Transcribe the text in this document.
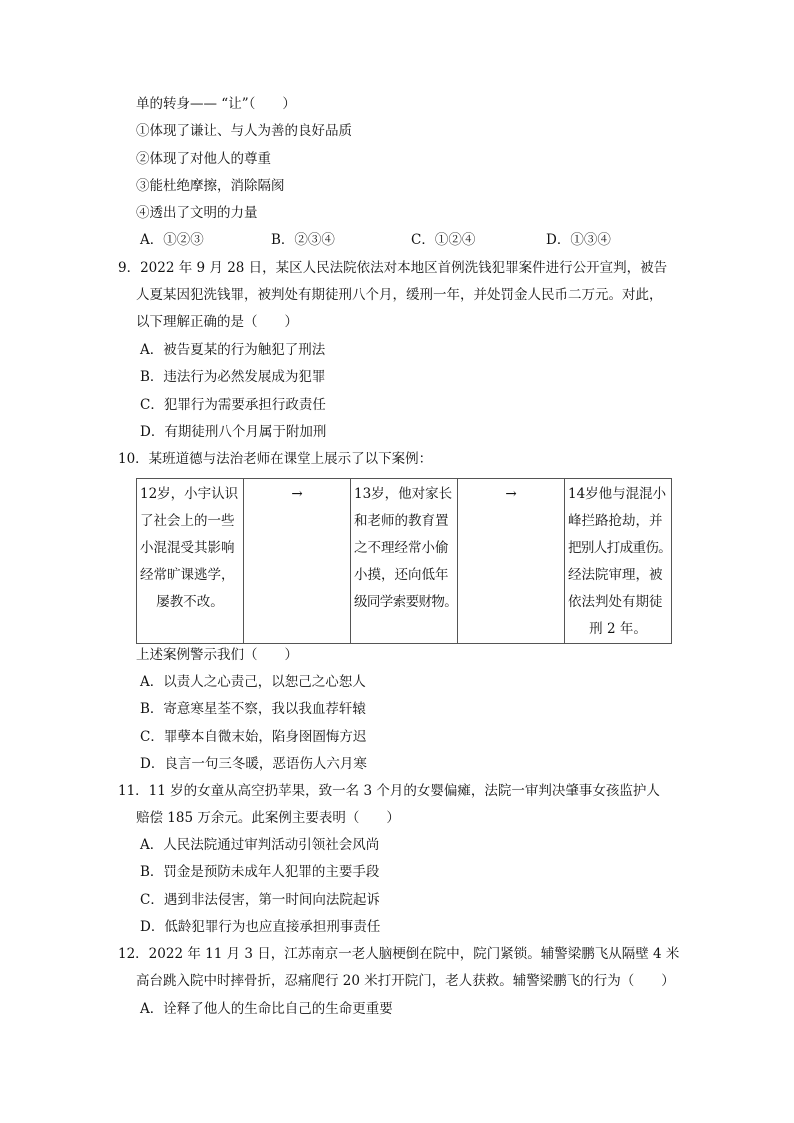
单的转身—— “让”（　　）
①体现了谦让、与人为善的良好品质
②体现了对他人的尊重
③能杜绝摩擦，消除隔阂
④透出了文明的力量
A．①②③	B．②③④	C．①②④	D．①③④
9．2022 年 9 月 28 日，某区人民法院依法对本地区首例洗钱犯罪案件进行公开宣判，被告
人夏某因犯洗钱罪，被判处有期徒刑八个月，缓刑一年，并处罚金人民币二万元。对此，
以下理解正确的是（　　）
A．被告夏某的行为触犯了刑法
B．违法行为必然发展成为犯罪
C．犯罪行为需要承担行政责任
D．有期徒刑八个月属于附加刑
10．某班道德与法治老师在课堂上展示了以下案例：
12岁，小宇认识
了社会上的一些
小混混受其影响
经常旷课逃学，
屡教不改。
	→	13岁，他对家长
和老师的教育置
之不理经常小偷
小摸，还向低年
级同学索要财物。
	→	14岁他与混混小
峰拦路抢劫，并
把别人打成重伤。
经法院审理，被
依法判处有期徒
刑 2 年。
上述案例警示我们（　　）
A．以责人之心责己，以恕己之心恕人
B．寄意寒星荃不察，我以我血荐轩辕
C．罪孽本自微末始，陷身囹圄悔方迟
D．良言一句三冬暖，恶语伤人六月寒
11．11 岁的女童从高空扔苹果，致一名 3 个月的女婴偏瘫，法院一审判决肇事女孩监护人
赔偿 185 万余元。此案例主要表明（　　）
A．人民法院通过审判活动引领社会风尚
B．罚金是预防未成年人犯罪的主要手段
C．遇到非法侵害，第一时间向法院起诉
D．低龄犯罪行为也应直接承担刑事责任
12．2022 年 11 月 3 日，江苏南京一老人脑梗倒在院中，院门紧锁。辅警梁鹏飞从隔壁 4 米
高台跳入院中时摔骨折，忍痛爬行 20 米打开院门，老人获救。辅警梁鹏飞的行为（　　）
A．诠释了他人的生命比自己的生命更重要
